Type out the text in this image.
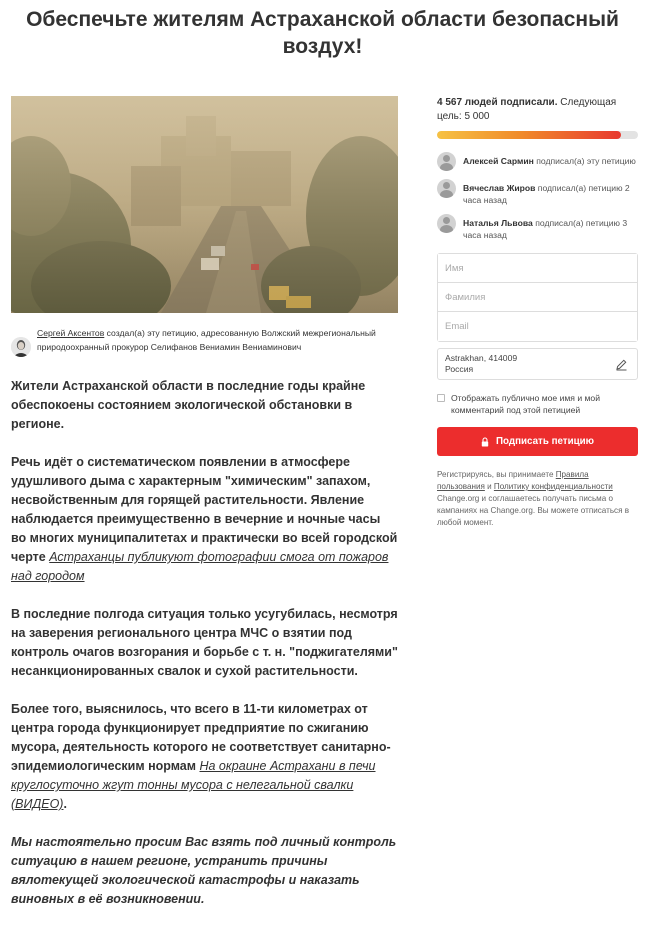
Обеспечьте жителям Астраханской области безопасный воздух!
Сергей Аксентов создал(а) эту петицию, адресованную Волжский межрегиональный природоохранный прокурор Селифанов Вениамин Вениаминович

Жители Астраханской области в последние годы крайне обеспокоены состоянием экологической обстановки в регионе.

Речь идёт о систематическом появлении в атмосфере удушливого дыма с характерным "химическим" запахом, несвойственным для горящей растительности. Явление наблюдается преимущественно в вечерние и ночные часы во многих муниципалитетах и практически во всей городской черте Астраханцы публикуют фотографии смога от пожаров над городом

В последние полгода ситуация только усугубилась, несмотря на заверения регионального центра МЧС о взятии под контроль очагов возгорания и борьбе с т. н. "поджигателями" несанкционированных свалок и сухой растительности.

Более того, выяснилось, что всего в 11-ти километрах от центра города функционирует предприятие по сжиганию мусора, деятельность которого не соответствует санитарно-эпидемиологическим нормам На окраине Астрахани в печи круглосуточно жгут тонны мусора с нелегальной свалки (ВИДЕО).

Мы настоятельно просим Вас взять под личный контроль ситуацию в нашем регионе, устранить причины вялотекущей экологической катастрофы и наказать виновных в её возникновении.

4 567 людей подписали. Следующая цель: 5 000
Алексей Сармин подписал(а) эту петицию
Вячеслав Жиров подписал(а) петицию 2 часа назад
Наталья Львова подписал(а) петицию 3 часа назад
Имя
Фамилия
Email
Astrakhan, 414009
Россия
Отображать публично мое имя и мой комментарий под этой петицией
Подписать петицию
Регистрируясь, вы принимаете Правила пользования и Политику конфиденциальности Change.org и соглашаетесь получать письма о кампаниях на Change.org. Вы можете отписаться в любой момент.
